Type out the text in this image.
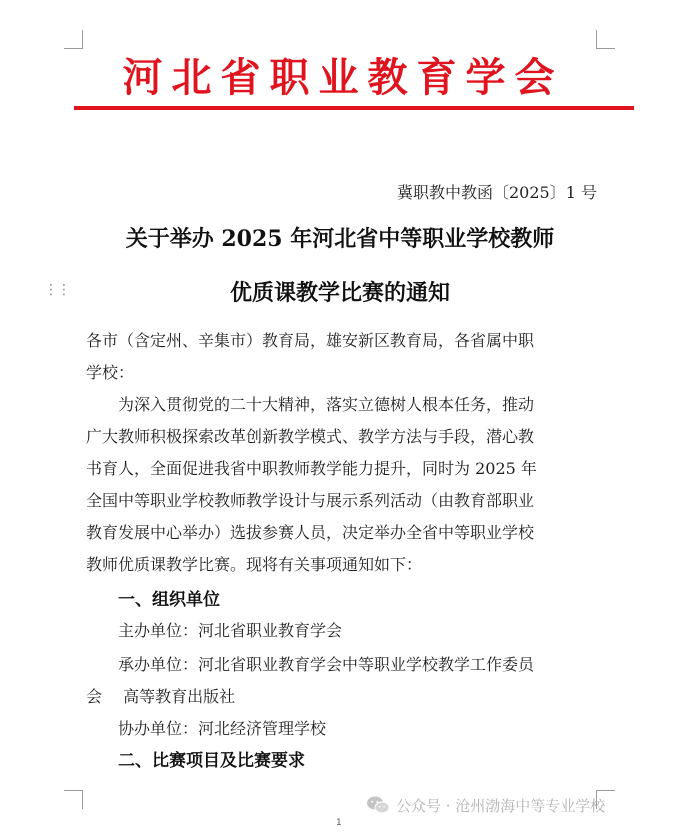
河北省职业教育学会
冀职教中教函〔2025〕1 号
关于举办 2025 年河北省中等职业学校教师
⋮⋮	优质课教学比赛的通知
各市（含定州、辛集市）教育局，雄安新区教育局，各省属中职
学校：
　　为深入贯彻党的二十大精神，落实立德树人根本任务，推动
广大教师积极探索改革创新教学模式、教学方法与手段，潜心教
书育人，全面促进我省中职教师教学能力提升，同时为 2025 年
全国中等职业学校教师教学设计与展示系列活动（由教育部职业
教育发展中心举办）选拔参赛人员，决定举办全省中等职业学校
教师优质课教学比赛。现将有关事项通知如下：
一、组织单位
　　主办单位：河北省职业教育学会
　　承办单位：河北省职业教育学会中等职业学校教学工作委员
会　 高等教育出版社
　　协办单位：河北经济管理学校
二、比赛项目及比赛要求
公众号 · 沧州渤海中等专业学校
1
